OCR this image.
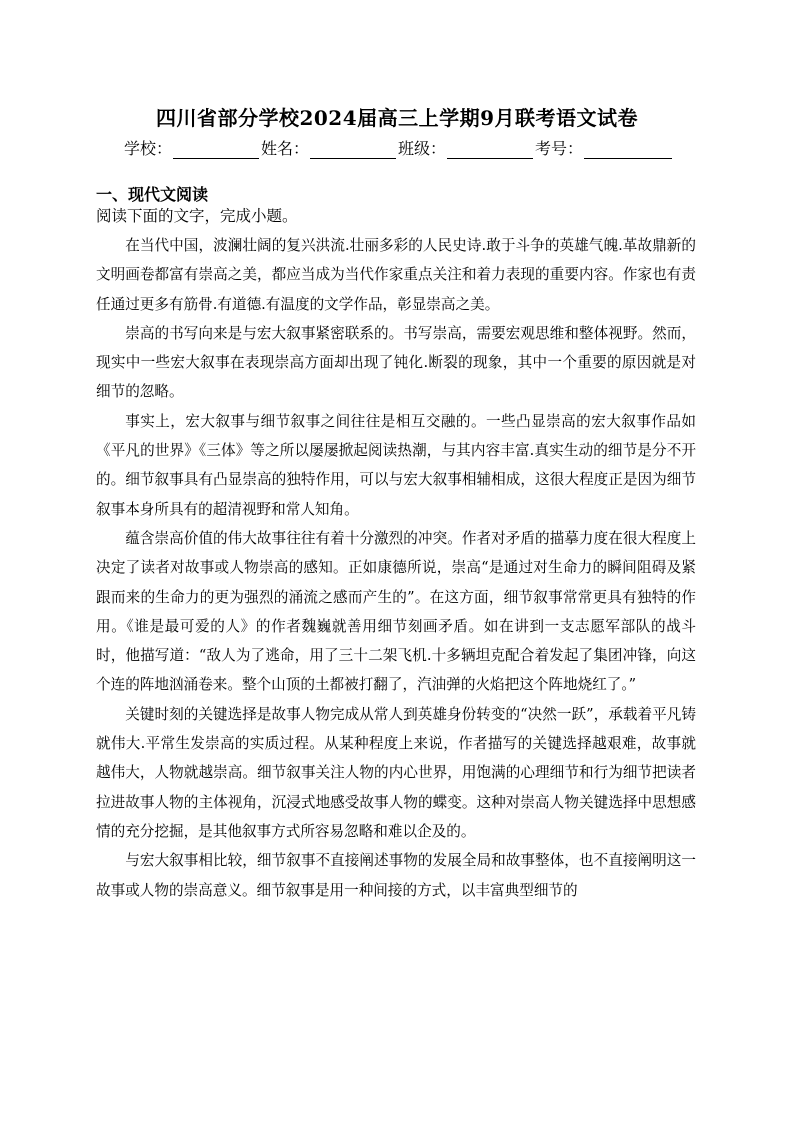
四川省部分学校2024届高三上学期9月联考语文试卷
学校：	姓名：	班级：	考号：
一、现代文阅读
阅读下面的文字，完成小题。

在当代中国，波澜壮阔的复兴洪流.壮丽多彩的人民史诗.敢于斗争的英雄气魄.革故鼎新的文明画卷都富有崇高之美，都应当成为当代作家重点关注和着力表现的重要内容。作家也有责任通过更多有筋骨.有道德.有温度的文学作品，彰显崇高之美。

崇高的书写向来是与宏大叙事紧密联系的。书写崇高，需要宏观思维和整体视野。然而，现实中一些宏大叙事在表现崇高方面却出现了钝化.断裂的现象，其中一个重要的原因就是对细节的忽略。

事实上，宏大叙事与细节叙事之间往往是相互交融的。一些凸显崇高的宏大叙事作品如《平凡的世界》《三体》等之所以屡屡掀起阅读热潮，与其内容丰富.真实生动的细节是分不开的。细节叙事具有凸显崇高的独特作用，可以与宏大叙事相辅相成，这很大程度正是因为细节叙事本身所具有的超清视野和常人知角。

蕴含崇高价值的伟大故事往往有着十分激烈的冲突。作者对矛盾的描摹力度在很大程度上决定了读者对故事或人物崇高的感知。正如康德所说，崇高“是通过对生命力的瞬间阻碍及紧跟而来的生命力的更为强烈的涌流之感而产生的”。在这方面，细节叙事常常更具有独特的作用。《谁是最可爱的人》的作者魏巍就善用细节刻画矛盾。如在讲到一支志愿军部队的战斗时，他描写道：“敌人为了逃命，用了三十二架飞机.十多辆坦克配合着发起了集团冲锋，向这个连的阵地汹涌卷来。整个山顶的土都被打翻了，汽油弹的火焰把这个阵地烧红了。”

关键时刻的关键选择是故事人物完成从常人到英雄身份转变的“决然一跃”，承载着平凡铸就伟大.平常生发崇高的实质过程。从某种程度上来说，作者描写的关键选择越艰难，故事就越伟大，人物就越崇高。细节叙事关注人物的内心世界，用饱满的心理细节和行为细节把读者拉进故事人物的主体视角，沉浸式地感受故事人物的蝶变。这种对崇高人物关键选择中思想感情的充分挖掘，是其他叙事方式所容易忽略和难以企及的。

与宏大叙事相比较，细节叙事不直接阐述事物的发展全局和故事整体，也不直接阐明这一故事或人物的崇高意义。细节叙事是用一种间接的方式，以丰富典型细节的
